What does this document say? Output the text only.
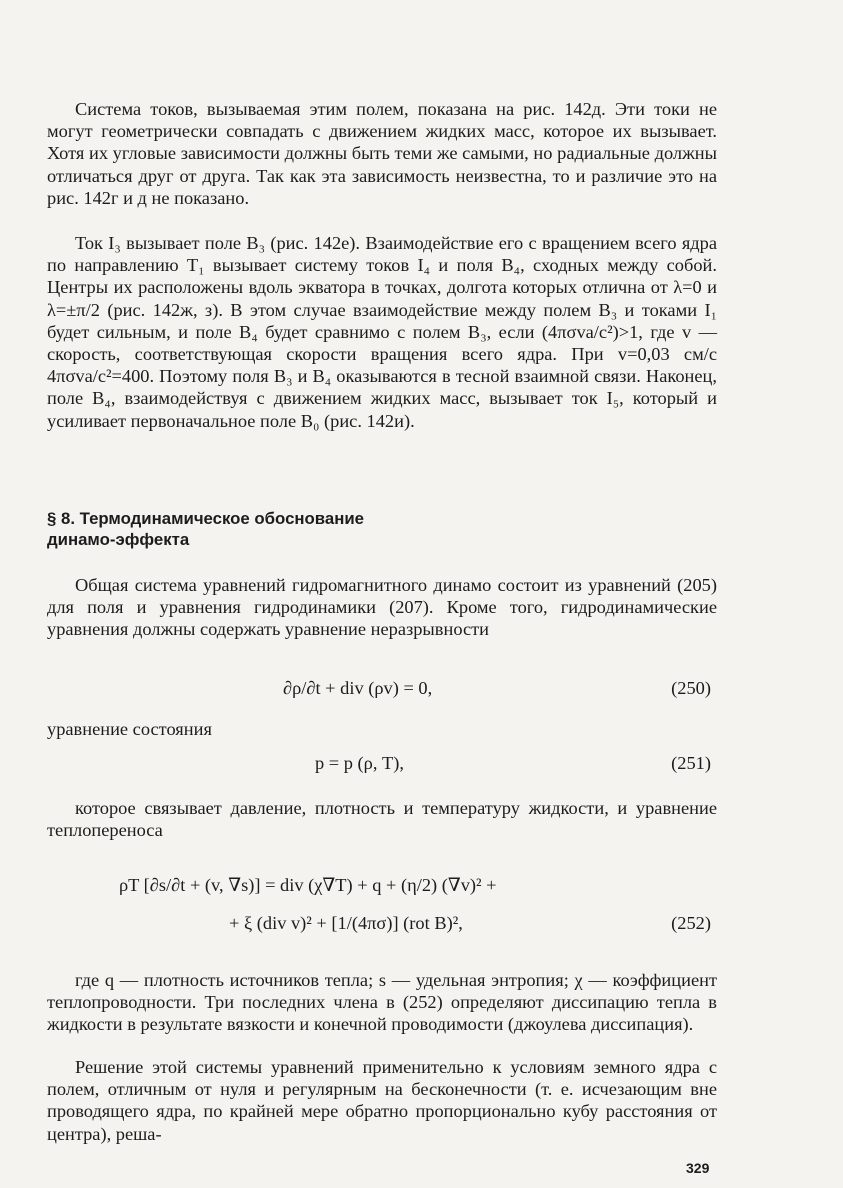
Система токов, вызываемая этим полем, показана на рис. 142д. Эти токи не могут геометрически совпадать с движением жидких масс, которое их вызывает. Хотя их угловые зависимости должны быть теми же самыми, но радиальные должны отличаться друг от друга. Так как эта зависимость неизвестна, то и различие это на рис. 142г и д не показано.

Ток I₃ вызывает поле B₃ (рис. 142е). Взаимодействие его с вращением всего ядра по направлению T₁ вызывает систему токов I₄ и поля B₄, сходных между собой. Центры их расположены вдоль экватора в точках, долгота которых отлична от λ=0 и λ=±π/2 (рис. 142ж, з). В этом случае взаимодействие между полем B₃ и токами I₁ будет сильным, и поле B₄ будет сравнимо с полем B₃, если (4πσva/c²)>1, где v — скорость, соответствующая скорости вращения всего ядра. При v=0,03 см/с 4πσva/c²=400. Поэтому поля B₃ и B₄ оказываются в тесной взаимной связи. Наконец, поле B₄, взаимодействуя с движением жидких масс, вызывает ток I₅, который и усиливает первоначальное поле B₀ (рис. 142и).

§ 8. Термодинамическое обоснование
динамо-эффекта

Общая система уравнений гидромагнитного динамо состоит из уравнений (205) для поля и уравнения гидродинамики (207). Кроме того, гидродинамические уравнения должны содержать уравнение неразрывности

∂ρ/∂t + div (ρv) = 0,	(250)
уравнение состояния
p = p (ρ, T),	(251)

которое связывает давление, плотность и температуру жидкости, и уравнение теплопереноса

ρT [∂s/∂t + (v, ∇s)] = div (χ∇T) + q + (η/2) (∇v)² +
+ ξ (div v)² + [1/(4πσ)] (rot B)²,	(252)

где q — плотность источников тепла; s — удельная энтропия; χ — коэффициент теплопроводности. Три последних члена в (252) определяют диссипацию тепла в жидкости в результате вязкости и конечной проводимости (джоулева диссипация).

Решение этой системы уравнений применительно к условиям земного ядра с полем, отличным от нуля и регулярным на бесконечности (т. е. исчезающим вне проводящего ядра, по крайней мере обратно пропорционально кубу расстояния от центра), реша-

329
